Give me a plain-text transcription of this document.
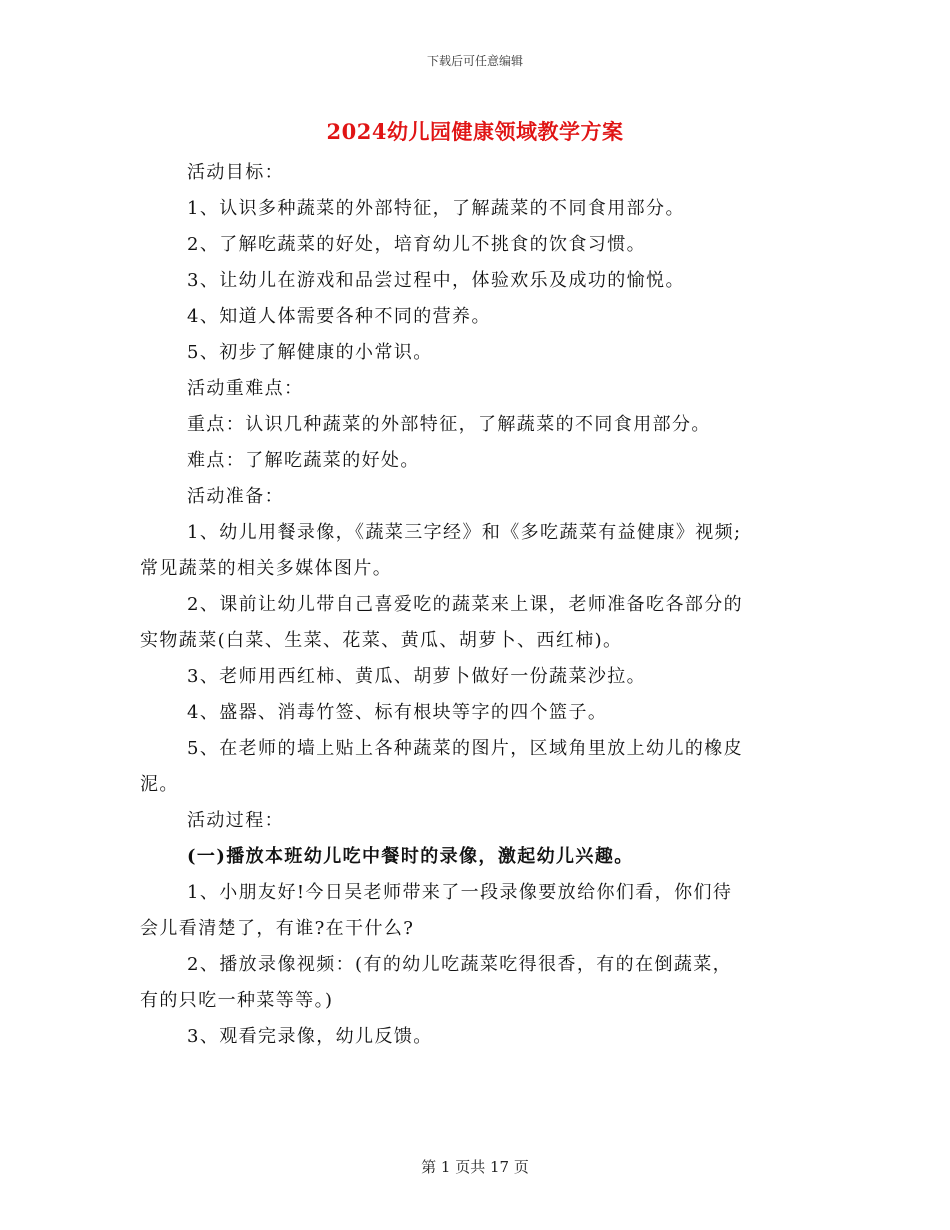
下载后可任意编辑
2024幼儿园健康领域教学方案
活动目标：
1、认识多种蔬菜的外部特征，了解蔬菜的不同食用部分。
2、了解吃蔬菜的好处，培育幼儿不挑食的饮食习惯。
3、让幼儿在游戏和品尝过程中，体验欢乐及成功的愉悦。
4、知道人体需要各种不同的营养。
5、初步了解健康的小常识。
活动重难点：
重点：认识几种蔬菜的外部特征，了解蔬菜的不同食用部分。
难点：了解吃蔬菜的好处。
活动准备：
1、幼儿用餐录像，《蔬菜三字经》和《多吃蔬菜有益健康》视频;
常见蔬菜的相关多媒体图片。
2、课前让幼儿带自己喜爱吃的蔬菜来上课，老师准备吃各部分的
实物蔬菜(白菜、生菜、花菜、黄瓜、胡萝卜、西红柿)。
3、老师用西红柿、黄瓜、胡萝卜做好一份蔬菜沙拉。
4、盛器、消毒竹签、标有根块等字的四个篮子。
5、在老师的墙上贴上各种蔬菜的图片，区域角里放上幼儿的橡皮
泥。
活动过程：
(一)播放本班幼儿吃中餐时的录像，激起幼儿兴趣。
1、小朋友好!今日吴老师带来了一段录像要放给你们看，你们待
会儿看清楚了，有谁?在干什么?
2、播放录像视频：(有的幼儿吃蔬菜吃得很香，有的在倒蔬菜，
有的只吃一种菜等等。)
3、观看完录像，幼儿反馈。
第 1 页共 17 页
